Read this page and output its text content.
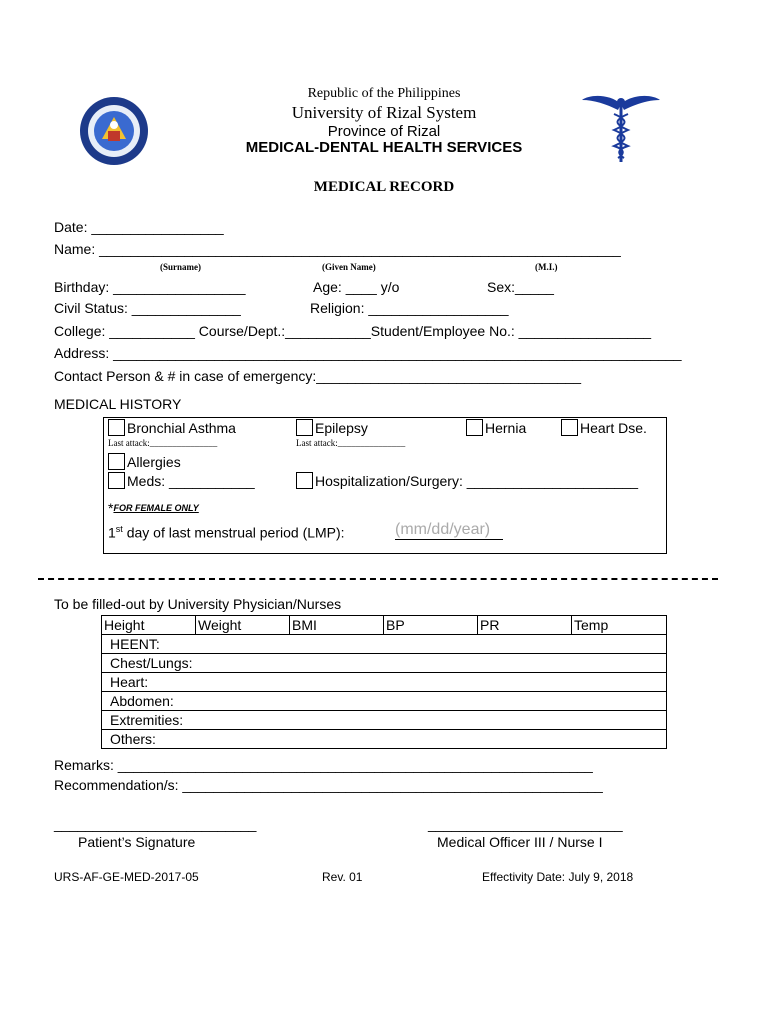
Republic of the Philippines
University of Rizal System
Province of Rizal
MEDICAL-DENTAL HEALTH SERVICES
MEDICAL RECORD
Date: _________________
Name: ___________________________________________________________________
(Surname)	(Given Name)	(M.I.)
Birthday: _________________	Age: ____ y/o	Sex:_____
Civil Status: ______________	Religion: __________________
College: ___________ Course/Dept.:___________Student/Employee No.: _________________
Address: _________________________________________________________________________
Contact Person & # in case of emergency:__________________________________
MEDICAL HISTORY
Bronchial Asthma	Epilepsy	Hernia	Heart Dse.
Last attack:_______________	Last attack:_______________
Allergies
Meds: ___________	Hospitalization/Surgery: ______________________
*FOR FEMALE ONLY
1st day of last menstrual period (LMP):	(mm/dd/year)
To be filled-out by University Physician/Nurses
Height	Weight	BMI	BP	PR	Temp
HEENT:
Chest/Lungs:
Heart:
Abdomen:
Extremities:
Others:
Remarks: _____________________________________________________________
Recommendation/s: ______________________________________________________
__________________________
Patient’s Signature
_________________________
Medical Officer III / Nurse I
URS-AF-GE-MED-2017-05	Rev. 01	Effectivity Date: July 9, 2018
